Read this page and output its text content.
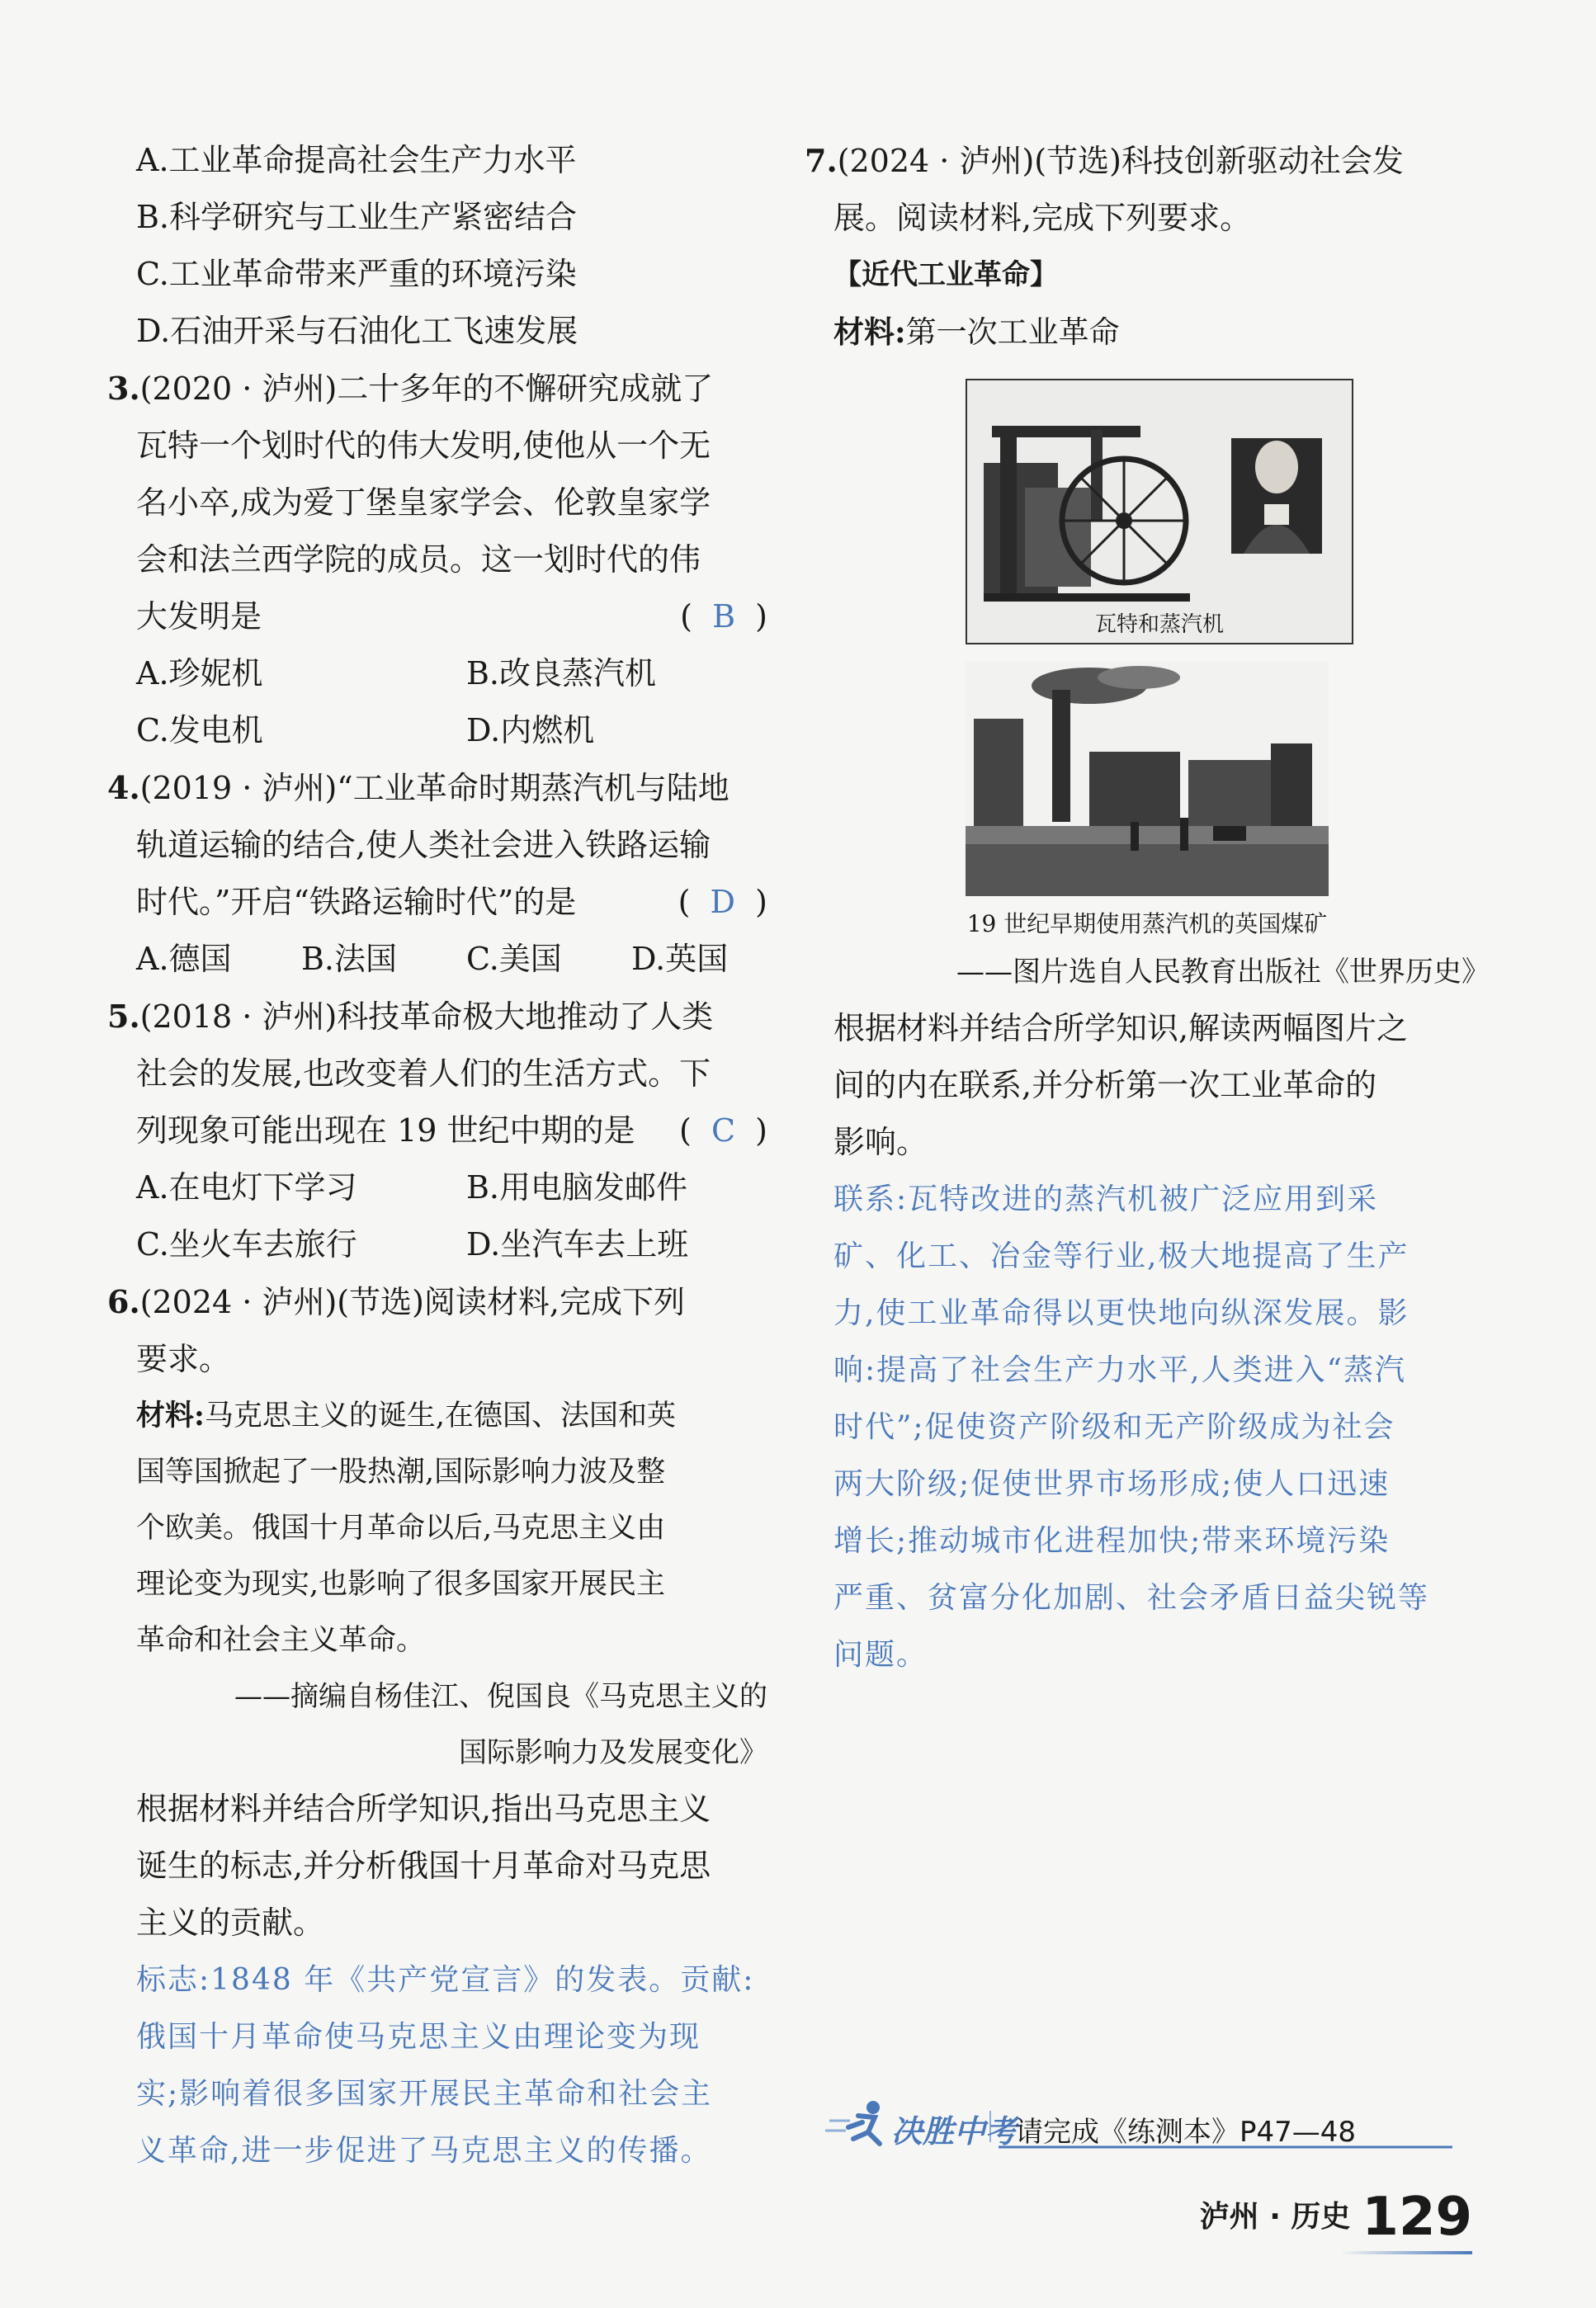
A.工业革命提高社会生产力水平
B.科学研究与工业生产紧密结合
C.工业革命带来严重的环境污染
D.石油开采与石油化工飞速发展
3.(2020 · 泸州)二十多年的不懈研究成就了
瓦特一个划时代的伟大发明,使他从一个无
名小卒,成为爱丁堡皇家学会、伦敦皇家学
会和法兰西学院的成员。这一划时代的伟
大发明是	(  B  )
A.珍妮机	B.改良蒸汽机
C.发电机	D.内燃机
4.(2019 · 泸州)“工业革命时期蒸汽机与陆地
轨道运输的结合,使人类社会进入铁路运输
时代。”开启“铁路运输时代”的是	(  D  )
A.德国	B.法国	C.美国	D.英国
5.(2018 · 泸州)科技革命极大地推动了人类
社会的发展,也改变着人们的生活方式。下
列现象可能出现在 19 世纪中期的是 (  C  )
A.在电灯下学习	B.用电脑发邮件
C.坐火车去旅行	D.坐汽车去上班
6.(2024 · 泸州)(节选)阅读材料,完成下列
要求。
材料:马克思主义的诞生,在德国、法国和英
国等国掀起了一股热潮,国际影响力波及整
个欧美。俄国十月革命以后,马克思主义由
理论变为现实,也影响了很多国家开展民主
革命和社会主义革命。
——摘编自杨佳江、倪国良《马克思主义的
国际影响力及发展变化》
根据材料并结合所学知识,指出马克思主义
诞生的标志,并分析俄国十月革命对马克思
主义的贡献。
标志:1848 年《共产党宣言》的发表。贡献:
俄国十月革命使马克思主义由理论变为现
实;影响着很多国家开展民主革命和社会主
义革命,进一步促进了马克思主义的传播。
7.(2024 · 泸州)(节选)科技创新驱动社会发
展。阅读材料,完成下列要求。
【近代工业革命】
材料:第一次工业革命
瓦特和蒸汽机
19 世纪早期使用蒸汽机的英国煤矿
——图片选自人民教育出版社《世界历史》
根据材料并结合所学知识,解读两幅图片之
间的内在联系,并分析第一次工业革命的
影响。
联系:瓦特改进的蒸汽机被广泛应用到采
矿、化工、冶金等行业,极大地提高了生产
力,使工业革命得以更快地向纵深发展。影
响:提高了社会生产力水平,人类进入“蒸汽
时代”;促使资产阶级和无产阶级成为社会
两大阶级;促使世界市场形成;使人口迅速
增长;推动城市化进程加快;带来环境污染
严重、贫富分化加剧、社会矛盾日益尖锐等
问题。
决胜中考
请完成《练测本》P47—48
泸州 · 历史 129
